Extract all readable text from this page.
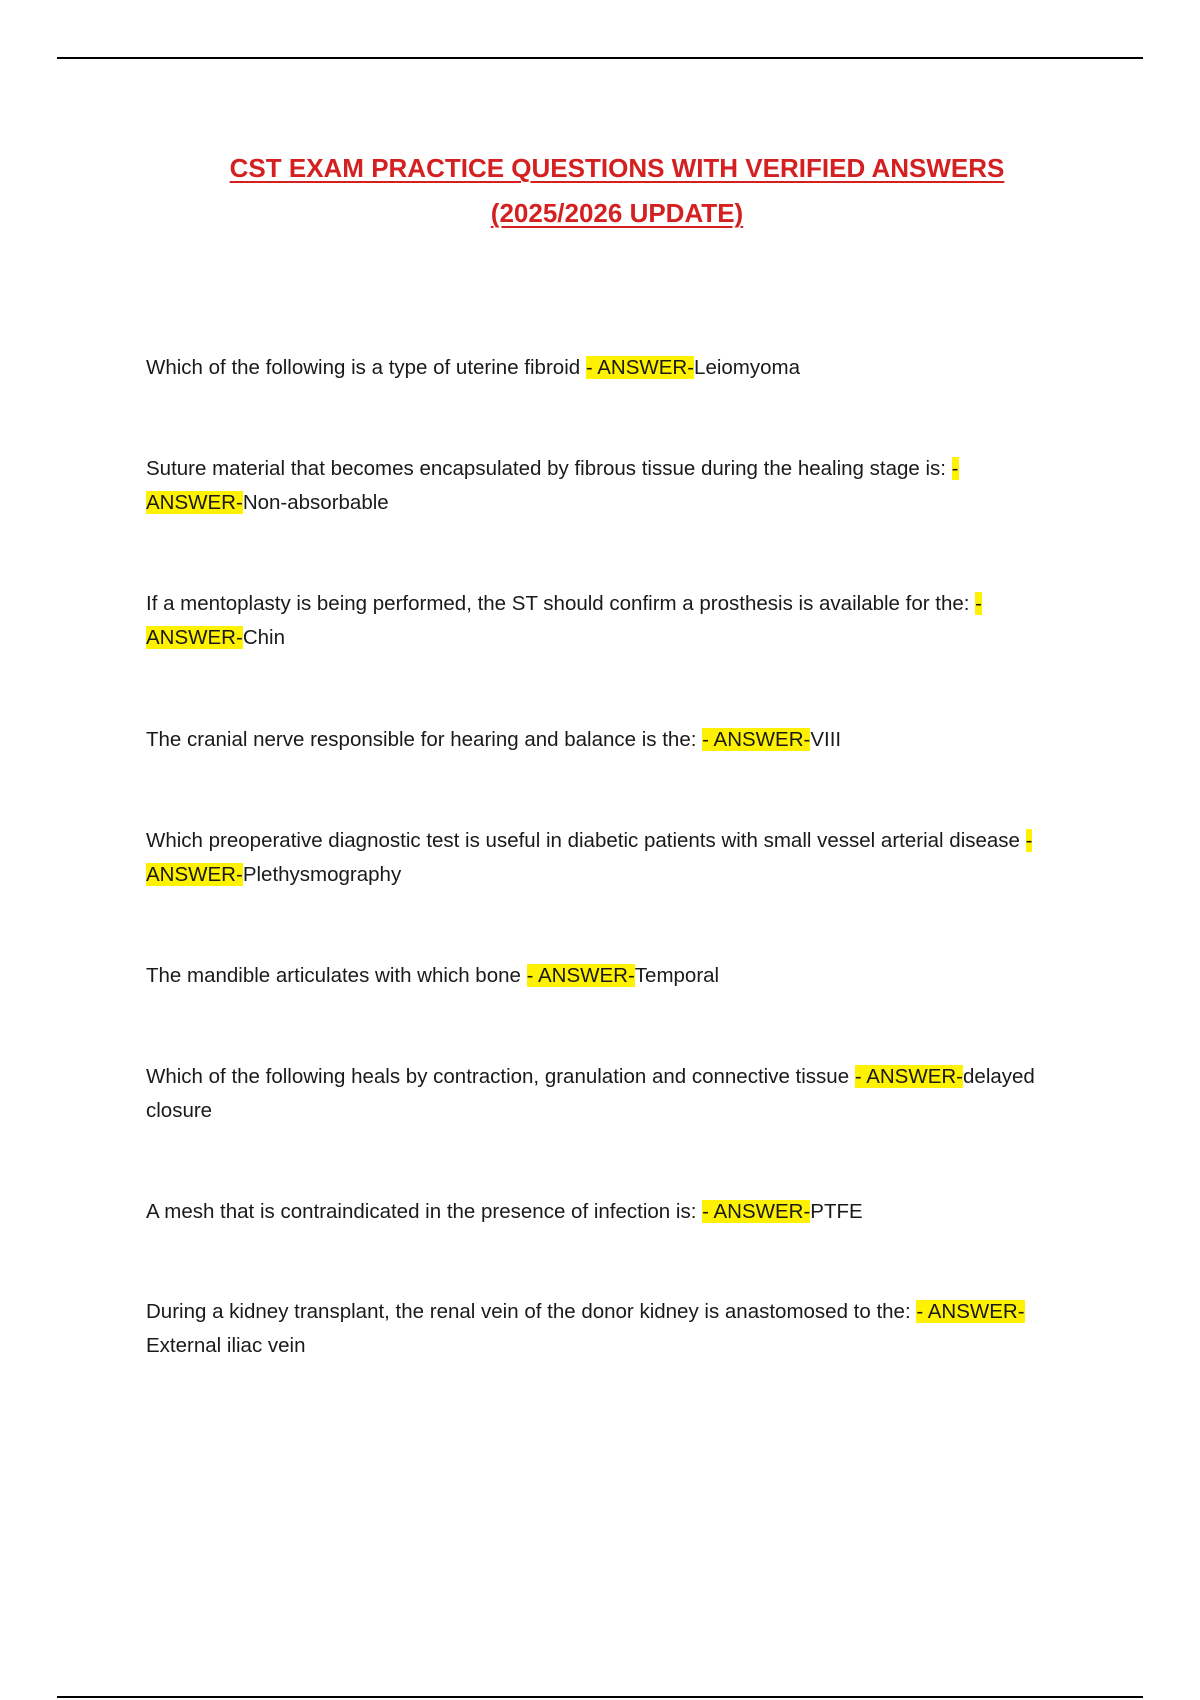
CST EXAM PRACTICE QUESTIONS WITH VERIFIED ANSWERS
(2025/2026 UPDATE)

Which of the following is a type of uterine fibroid - ANSWER-Leiomyoma

Suture material that becomes encapsulated by fibrous tissue during the healing stage is: - ANSWER-Non-absorbable

If a mentoplasty is being performed, the ST should confirm a prosthesis is available for the: - ANSWER-Chin

The cranial nerve responsible for hearing and balance is the: - ANSWER-VIII

Which preoperative diagnostic test is useful in diabetic patients with small vessel arterial disease - ANSWER-Plethysmography

The mandible articulates with which bone - ANSWER-Temporal

Which of the following heals by contraction, granulation and connective tissue - ANSWER-delayed closure

A mesh that is contraindicated in the presence of infection is: - ANSWER-PTFE

During a kidney transplant, the renal vein of the donor kidney is anastomosed to the: - ANSWER-External iliac vein
